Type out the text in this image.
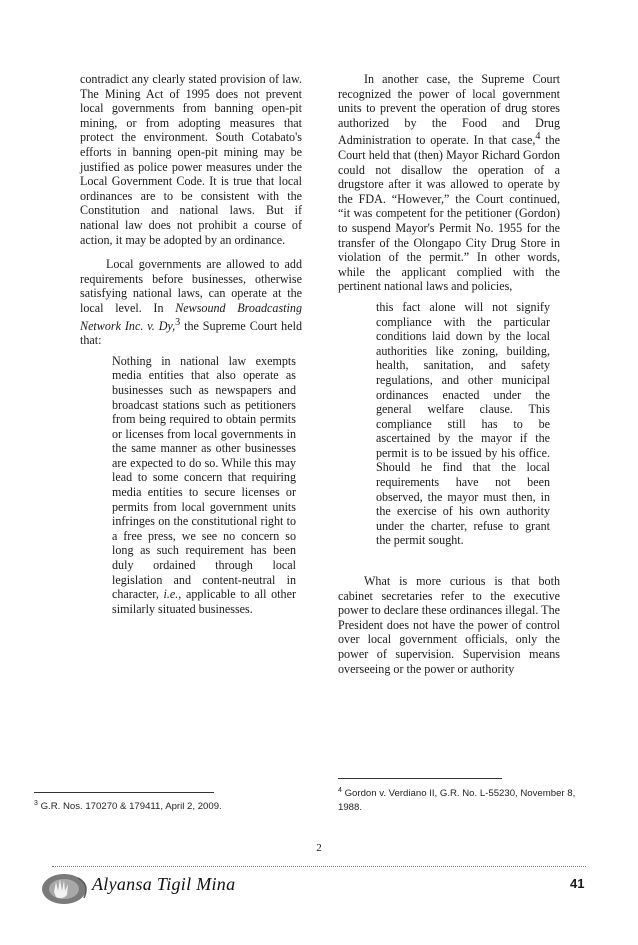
contradict any clearly stated provision of law. The Mining Act of 1995 does not prevent local governments from banning open-pit mining, or from adopting measures that protect the environment. South Cotabato's efforts in banning open-pit mining may be justified as police power measures under the Local Government Code. It is true that local ordinances are to be consistent with the Constitution and national laws. But if national law does not prohibit a course of action, it may be adopted by an ordinance.

Local governments are allowed to add requirements before businesses, otherwise satisfying national laws, can operate at the local level. In Newsound Broadcasting Network Inc. v. Dy,$^3$ the Supreme Court held that:

Nothing in national law exempts media entities that also operate as businesses such as newspapers and broadcast stations such as petitioners from being required to obtain permits or licenses from local governments in the same manner as other businesses are expected to do so. While this may lead to some concern that requiring media entities to secure licenses or permits from local government units infringes on the constitutional right to a free press, we see no concern so long as such requirement has been duly ordained through local legislation and content-neutral in character, i.e., applicable to all other similarly situated businesses.

In another case, the Supreme Court recognized the power of local government units to prevent the operation of drug stores authorized by the Food and Drug Administration to operate. In that case,$^4$ the Court held that (then) Mayor Richard Gordon could not disallow the operation of a drugstore after it was allowed to operate by the FDA. “However,” the Court continued, “it was competent for the petitioner (Gordon) to suspend Mayor's Permit No. 1955 for the transfer of the Olongapo City Drug Store in violation of the permit.” In other words, while the applicant complied with the pertinent national laws and policies,

this fact alone will not signify compliance with the particular conditions laid down by the local authorities like zoning, building, health, sanitation, and safety regulations, and other municipal ordinances enacted under the general welfare clause. This compliance still has to be ascertained by the mayor if the permit is to be issued by his office. Should he find that the local requirements have not been observed, the mayor must then, in the exercise of his own authority under the charter, refuse to grant the permit sought.

What is more curious is that both cabinet secretaries refer to the executive power to declare these ordinances illegal. The President does not have the power of control over local government officials, only the power of supervision. Supervision means overseeing or the power or authority

$^3$ G.R. Nos. 170270 & 179411, April 2, 2009.
$^4$ Gordon v. Verdiano II, G.R. No. L-55230, November 8, 1988.
2
Alyansa Tigil Mina	41
